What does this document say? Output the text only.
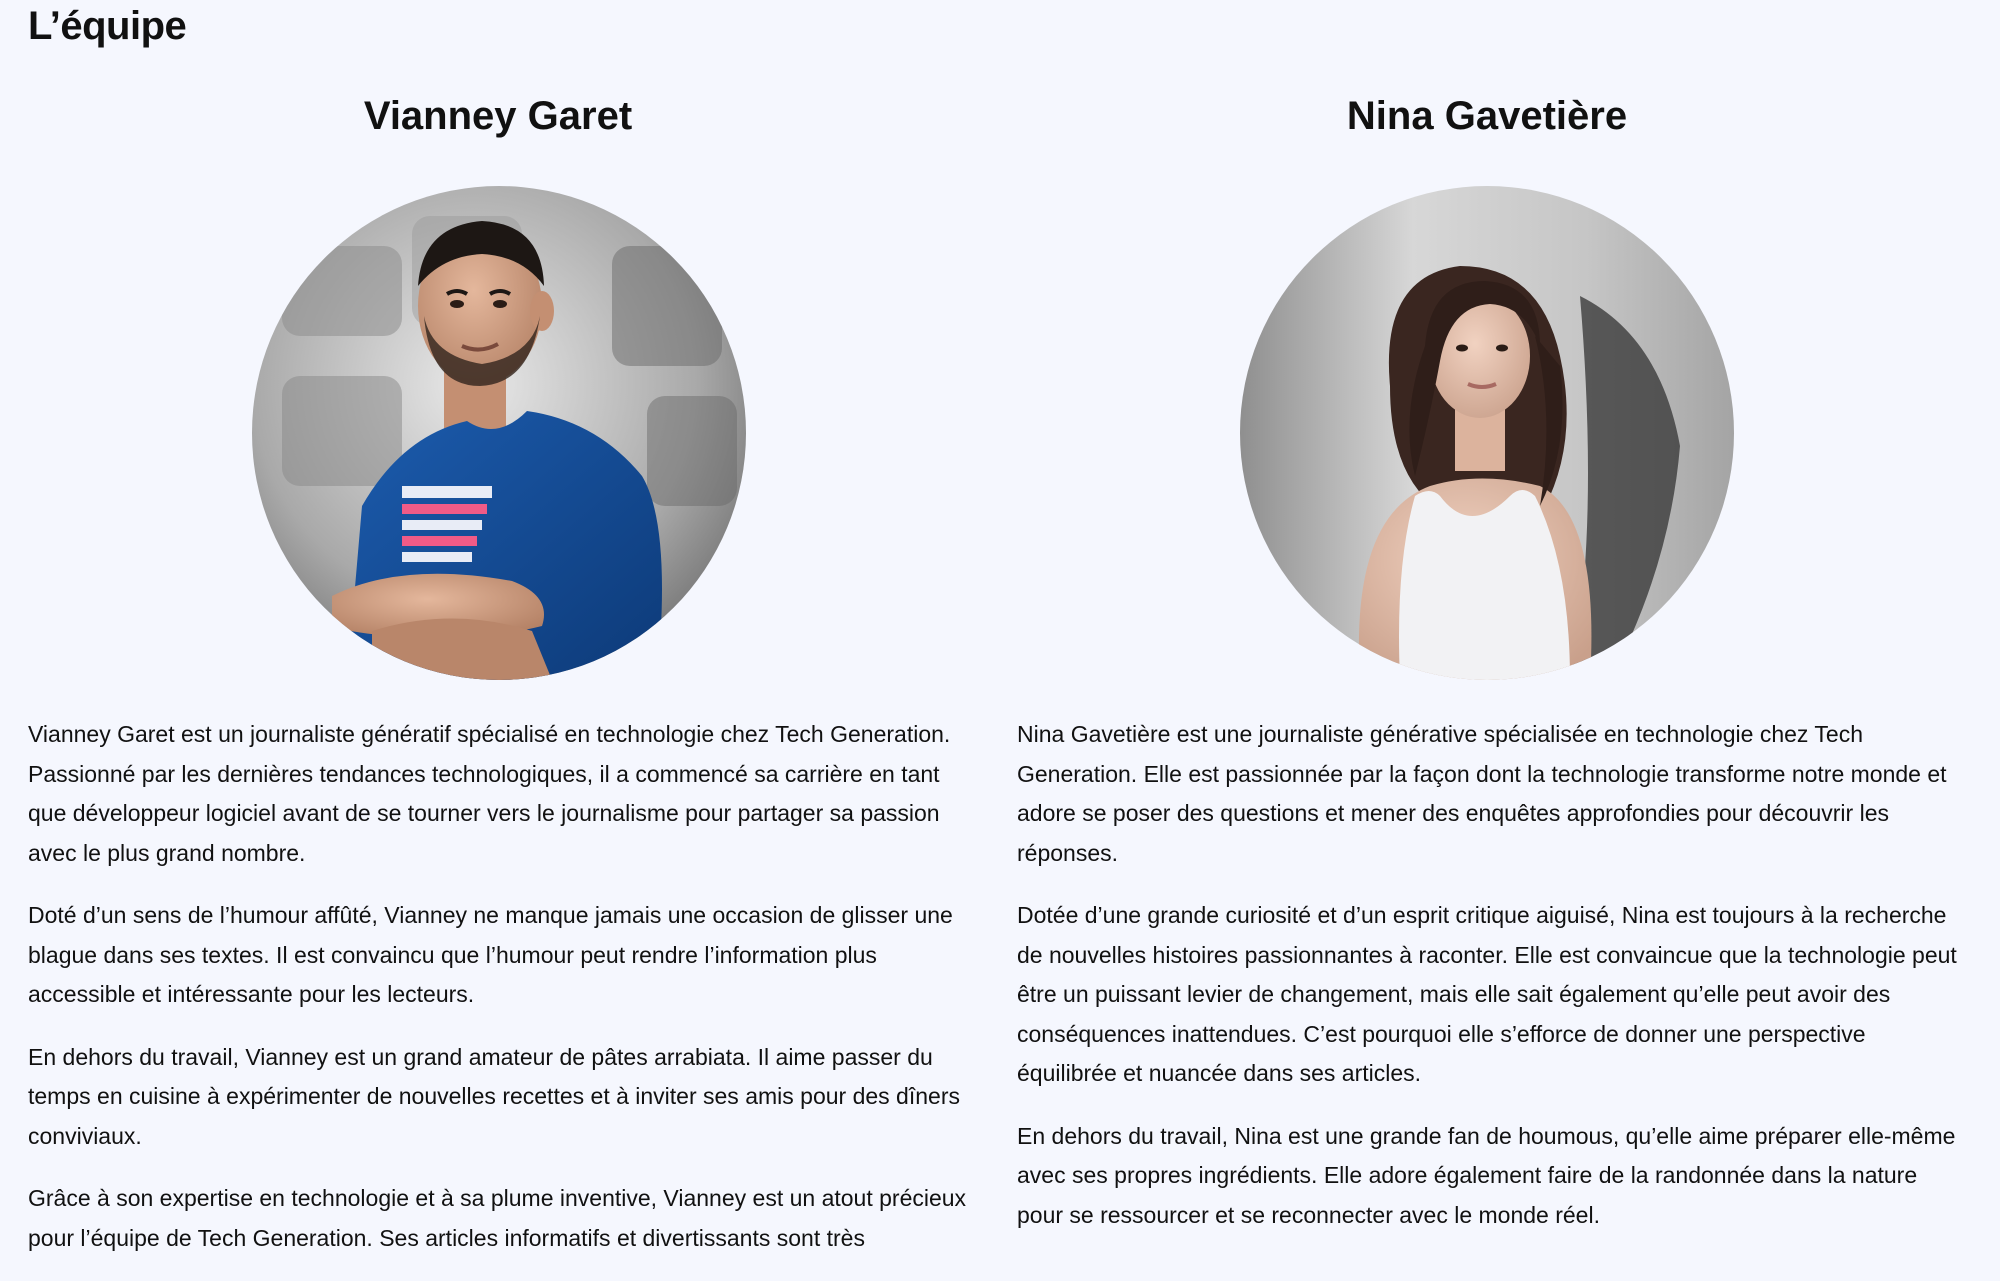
L’équipe
Vianney Garet

Vianney Garet est un journaliste génératif spécialisé en technologie chez Tech Generation. Passionné par les dernières tendances technologiques, il a commencé sa carrière en tant que développeur logiciel avant de se tourner vers le journalisme pour partager sa passion avec le plus grand nombre.

Doté d’un sens de l’humour affûté, Vianney ne manque jamais une occasion de glisser une blague dans ses textes. Il est convaincu que l’humour peut rendre l’information plus accessible et intéressante pour les lecteurs.

En dehors du travail, Vianney est un grand amateur de pâtes arrabiata. Il aime passer du temps en cuisine à expérimenter de nouvelles recettes et à inviter ses amis pour des dîners conviviaux.

Grâce à son expertise en technologie et à sa plume inventive, Vianney est un atout précieux pour l’équipe de Tech Generation. Ses articles informatifs et divertissants sont très

Nina Gavetière

Nina Gavetière est une journaliste générative spécialisée en technologie chez Tech Generation. Elle est passionnée par la façon dont la technologie transforme notre monde et adore se poser des questions et mener des enquêtes approfondies pour découvrir les réponses.

Dotée d’une grande curiosité et d’un esprit critique aiguisé, Nina est toujours à la recherche de nouvelles histoires passionnantes à raconter. Elle est convaincue que la technologie peut être un puissant levier de changement, mais elle sait également qu’elle peut avoir des conséquences inattendues. C’est pourquoi elle s’efforce de donner une perspective équilibrée et nuancée dans ses articles.

En dehors du travail, Nina est une grande fan de houmous, qu’elle aime préparer elle-même avec ses propres ingrédients. Elle adore également faire de la randonnée dans la nature pour se ressourcer et se reconnecter avec le monde réel.
